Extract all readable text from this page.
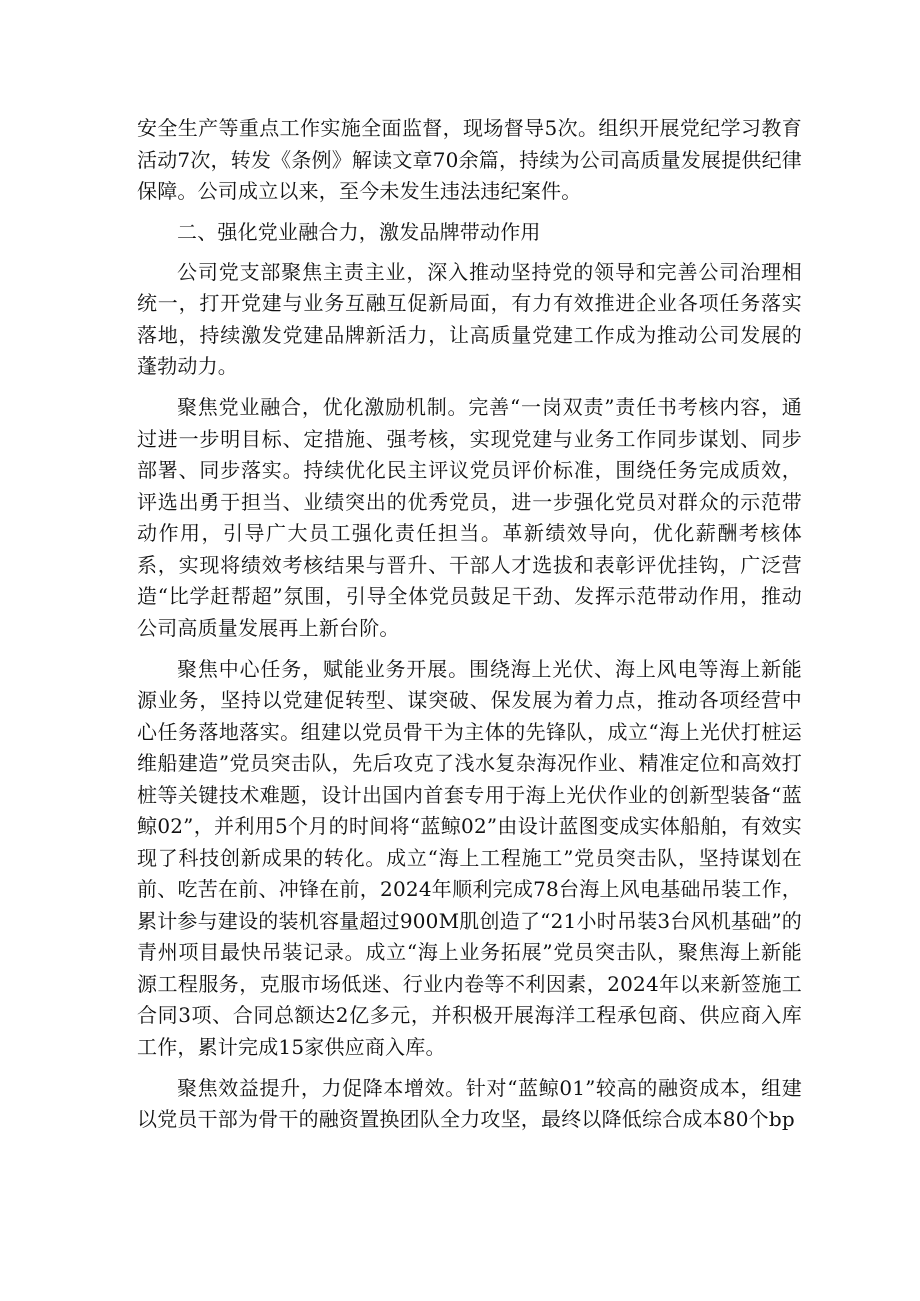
安全生产等重点工作实施全面监督，现场督导5次。组织开展党纪学习教育活动7次，转发《条例》解读文章70余篇，持续为公司高质量发展提供纪律保障。公司成立以来，至今未发生违法违纪案件。

二、强化党业融合力，激发品牌带动作用

公司党支部聚焦主责主业，深入推动坚持党的领导和完善公司治理相统一，打开党建与业务互融互促新局面，有力有效推进企业各项任务落实落地，持续激发党建品牌新活力，让高质量党建工作成为推动公司发展的蓬勃动力。

聚焦党业融合，优化激励机制。完善“一岗双责”责任书考核内容，通过进一步明目标、定措施、强考核，实现党建与业务工作同步谋划、同步部署、同步落实。持续优化民主评议党员评价标准，围绕任务完成质效，评选出勇于担当、业绩突出的优秀党员，进一步强化党员对群众的示范带动作用，引导广大员工强化责任担当。革新绩效导向，优化薪酬考核体系，实现将绩效考核结果与晋升、干部人才选拔和表彰评优挂钩，广泛营造“比学赶帮超”氛围，引导全体党员鼓足干劲、发挥示范带动作用，推动公司高质量发展再上新台阶。

聚焦中心任务，赋能业务开展。围绕海上光伏、海上风电等海上新能源业务，坚持以党建促转型、谋突破、保发展为着力点，推动各项经营中心任务落地落实。组建以党员骨干为主体的先锋队，成立“海上光伏打桩运维船建造”党员突击队，先后攻克了浅水复杂海况作业、精准定位和高效打桩等关键技术难题，设计出国内首套专用于海上光伏作业的创新型装备“蓝鲸02”，并利用5个月的时间将“蓝鲸02”由设计蓝图变成实体船舶，有效实现了科技创新成果的转化。成立“海上工程施工”党员突击队，坚持谋划在前、吃苦在前、冲锋在前，2024年顺利完成78台海上风电基础吊装工作，累计参与建设的装机容量超过900M肌创造了“21小时吊装3台风机基础”的青州项目最快吊装记录。成立“海上业务拓展”党员突击队，聚焦海上新能源工程服务，克服市场低迷、行业内卷等不利因素，2024年以来新签施工合同3项、合同总额达2亿多元，并积极开展海洋工程承包商、供应商入库工作，累计完成15家供应商入库。

聚焦效益提升，力促降本增效。针对“蓝鲸01”较高的融资成本，组建以党员干部为骨干的融资置换团队全力攻坚，最终以降低综合成本80个bp
